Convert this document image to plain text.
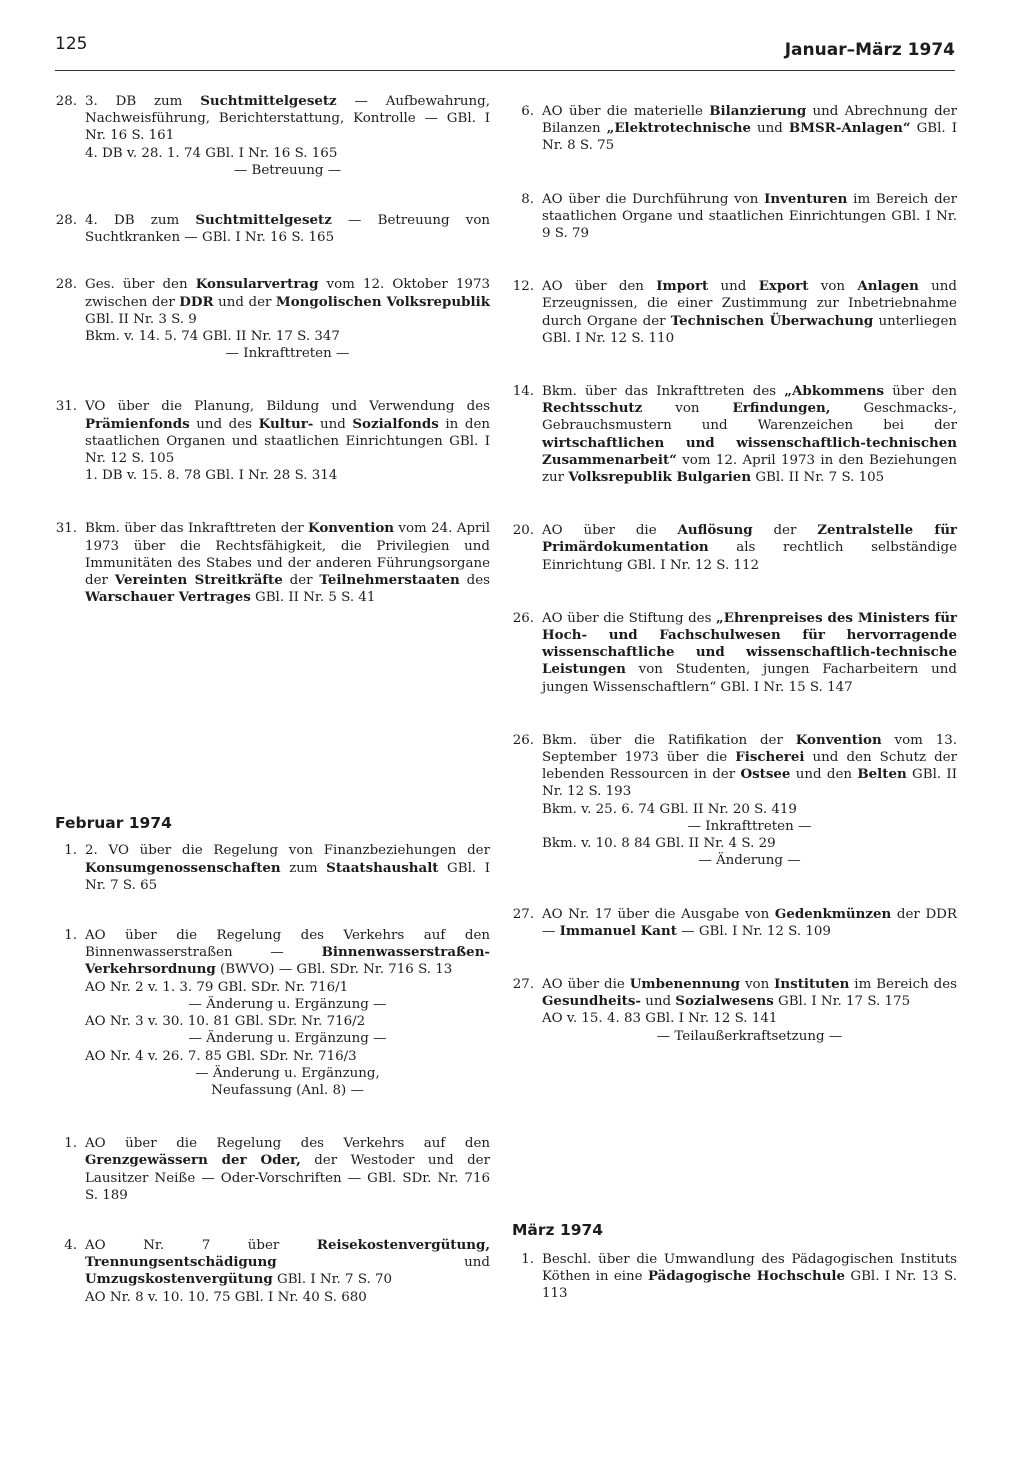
125	Januar–März 1974
28. 3. DB zum Suchtmittelgesetz — Aufbewahrung, Nachweisführung, Berichterstattung, Kontrolle — GBl. I Nr. 16 S. 161
4. DB v. 28. 1. 74 GBl. I Nr. 16 S. 165
— Betreuung —
28. 4. DB zum Suchtmittelgesetz — Betreuung von Suchtkranken — GBl. I Nr. 16 S. 165
28. Ges. über den Konsularvertrag vom 12. Oktober 1973 zwischen der DDR und der Mongolischen Volksrepublik GBl. II Nr. 3 S. 9
Bkm. v. 14. 5. 74 GBl. II Nr. 17 S. 347
— Inkrafttreten —
31. VO über die Planung, Bildung und Verwendung des Prämienfonds und des Kultur- und Sozialfonds in den staatlichen Organen und staatlichen Einrichtungen GBl. I Nr. 12 S. 105
1. DB v. 15. 8. 78 GBl. I Nr. 28 S. 314
31. Bkm. über das Inkrafttreten der Konvention vom 24. April 1973 über die Rechtsfähigkeit, die Privilegien und Immunitäten des Stabes und der anderen Führungsorgane der Vereinten Streitkräfte der Teilnehmerstaaten des Warschauer Vertrages GBl. II Nr. 5 S. 41
Februar 1974
1. 2. VO über die Regelung von Finanzbeziehungen der Konsumgenossenschaften zum Staatshaushalt GBl. I Nr. 7 S. 65
1. AO über die Regelung des Verkehrs auf den Binnenwasserstraßen — Binnenwasserstraßen-Verkehrsordnung (BWVO) — GBl. SDr. Nr. 716 S. 13
AO Nr. 2 v. 1. 3. 79 GBl. SDr. Nr. 716/1
— Änderung u. Ergänzung —
AO Nr. 3 v. 30. 10. 81 GBl. SDr. Nr. 716/2
— Änderung u. Ergänzung —
AO Nr. 4 v. 26. 7. 85 GBl. SDr. Nr. 716/3
— Änderung u. Ergänzung,
Neufassung (Anl. 8) —
1. AO über die Regelung des Verkehrs auf den Grenzgewässern der Oder, der Westoder und der Lausitzer Neiße — Oder-Vorschriften — GBl. SDr. Nr. 716 S. 189
4. AO Nr. 7 über Reisekostenvergütung, Trennungsentschädigung und Umzugskostenvergütung GBl. I Nr. 7 S. 70
AO Nr. 8 v. 10. 10. 75 GBl. I Nr. 40 S. 680
6. AO über die materielle Bilanzierung und Abrechnung der Bilanzen „Elektrotechnische und BMSR-Anlagen“ GBl. I Nr. 8 S. 75
8. AO über die Durchführung von Inventuren im Bereich der staatlichen Organe und staatlichen Einrichtungen GBl. I Nr. 9 S. 79
12. AO über den Import und Export von Anlagen und Erzeugnissen, die einer Zustimmung zur Inbetriebnahme durch Organe der Technischen Überwachung unterliegen GBl. I Nr. 12 S. 110
14. Bkm. über das Inkrafttreten des „Abkommens über den Rechtsschutz von Erfindungen, Geschmacks-, Gebrauchsmustern und Warenzeichen bei der wirtschaftlichen und wissenschaftlich-technischen Zusammenarbeit“ vom 12. April 1973 in den Beziehungen zur Volksrepublik Bulgarien GBl. II Nr. 7 S. 105
20. AO über die Auflösung der Zentralstelle für Primärdokumentation als rechtlich selbständige Einrichtung GBl. I Nr. 12 S. 112
26. AO über die Stiftung des „Ehrenpreises des Ministers für Hoch- und Fachschulwesen für hervorragende wissenschaftliche und wissenschaftlich-technische Leistungen von Studenten, jungen Facharbeitern und jungen Wissenschaftlern“ GBl. I Nr. 15 S. 147
26. Bkm. über die Ratifikation der Konvention vom 13. September 1973 über die Fischerei und den Schutz der lebenden Ressourcen in der Ostsee und den Belten GBl. II Nr. 12 S. 193
Bkm. v. 25. 6. 74 GBl. II Nr. 20 S. 419
— Inkrafttreten —
Bkm. v. 10. 8 84 GBl. II Nr. 4 S. 29
— Änderung —
27. AO Nr. 17 über die Ausgabe von Gedenkmünzen der DDR — Immanuel Kant — GBl. I Nr. 12 S. 109
27. AO über die Umbenennung von Instituten im Bereich des Gesundheits- und Sozialwesens GBl. I Nr. 17 S. 175
AO v. 15. 4. 83 GBl. I Nr. 12 S. 141
— Teilaußerkraftsetzung —
März 1974
1. Beschl. über die Umwandlung des Pädagogischen Instituts Köthen in eine Pädagogische Hochschule GBl. I Nr. 13 S. 113
